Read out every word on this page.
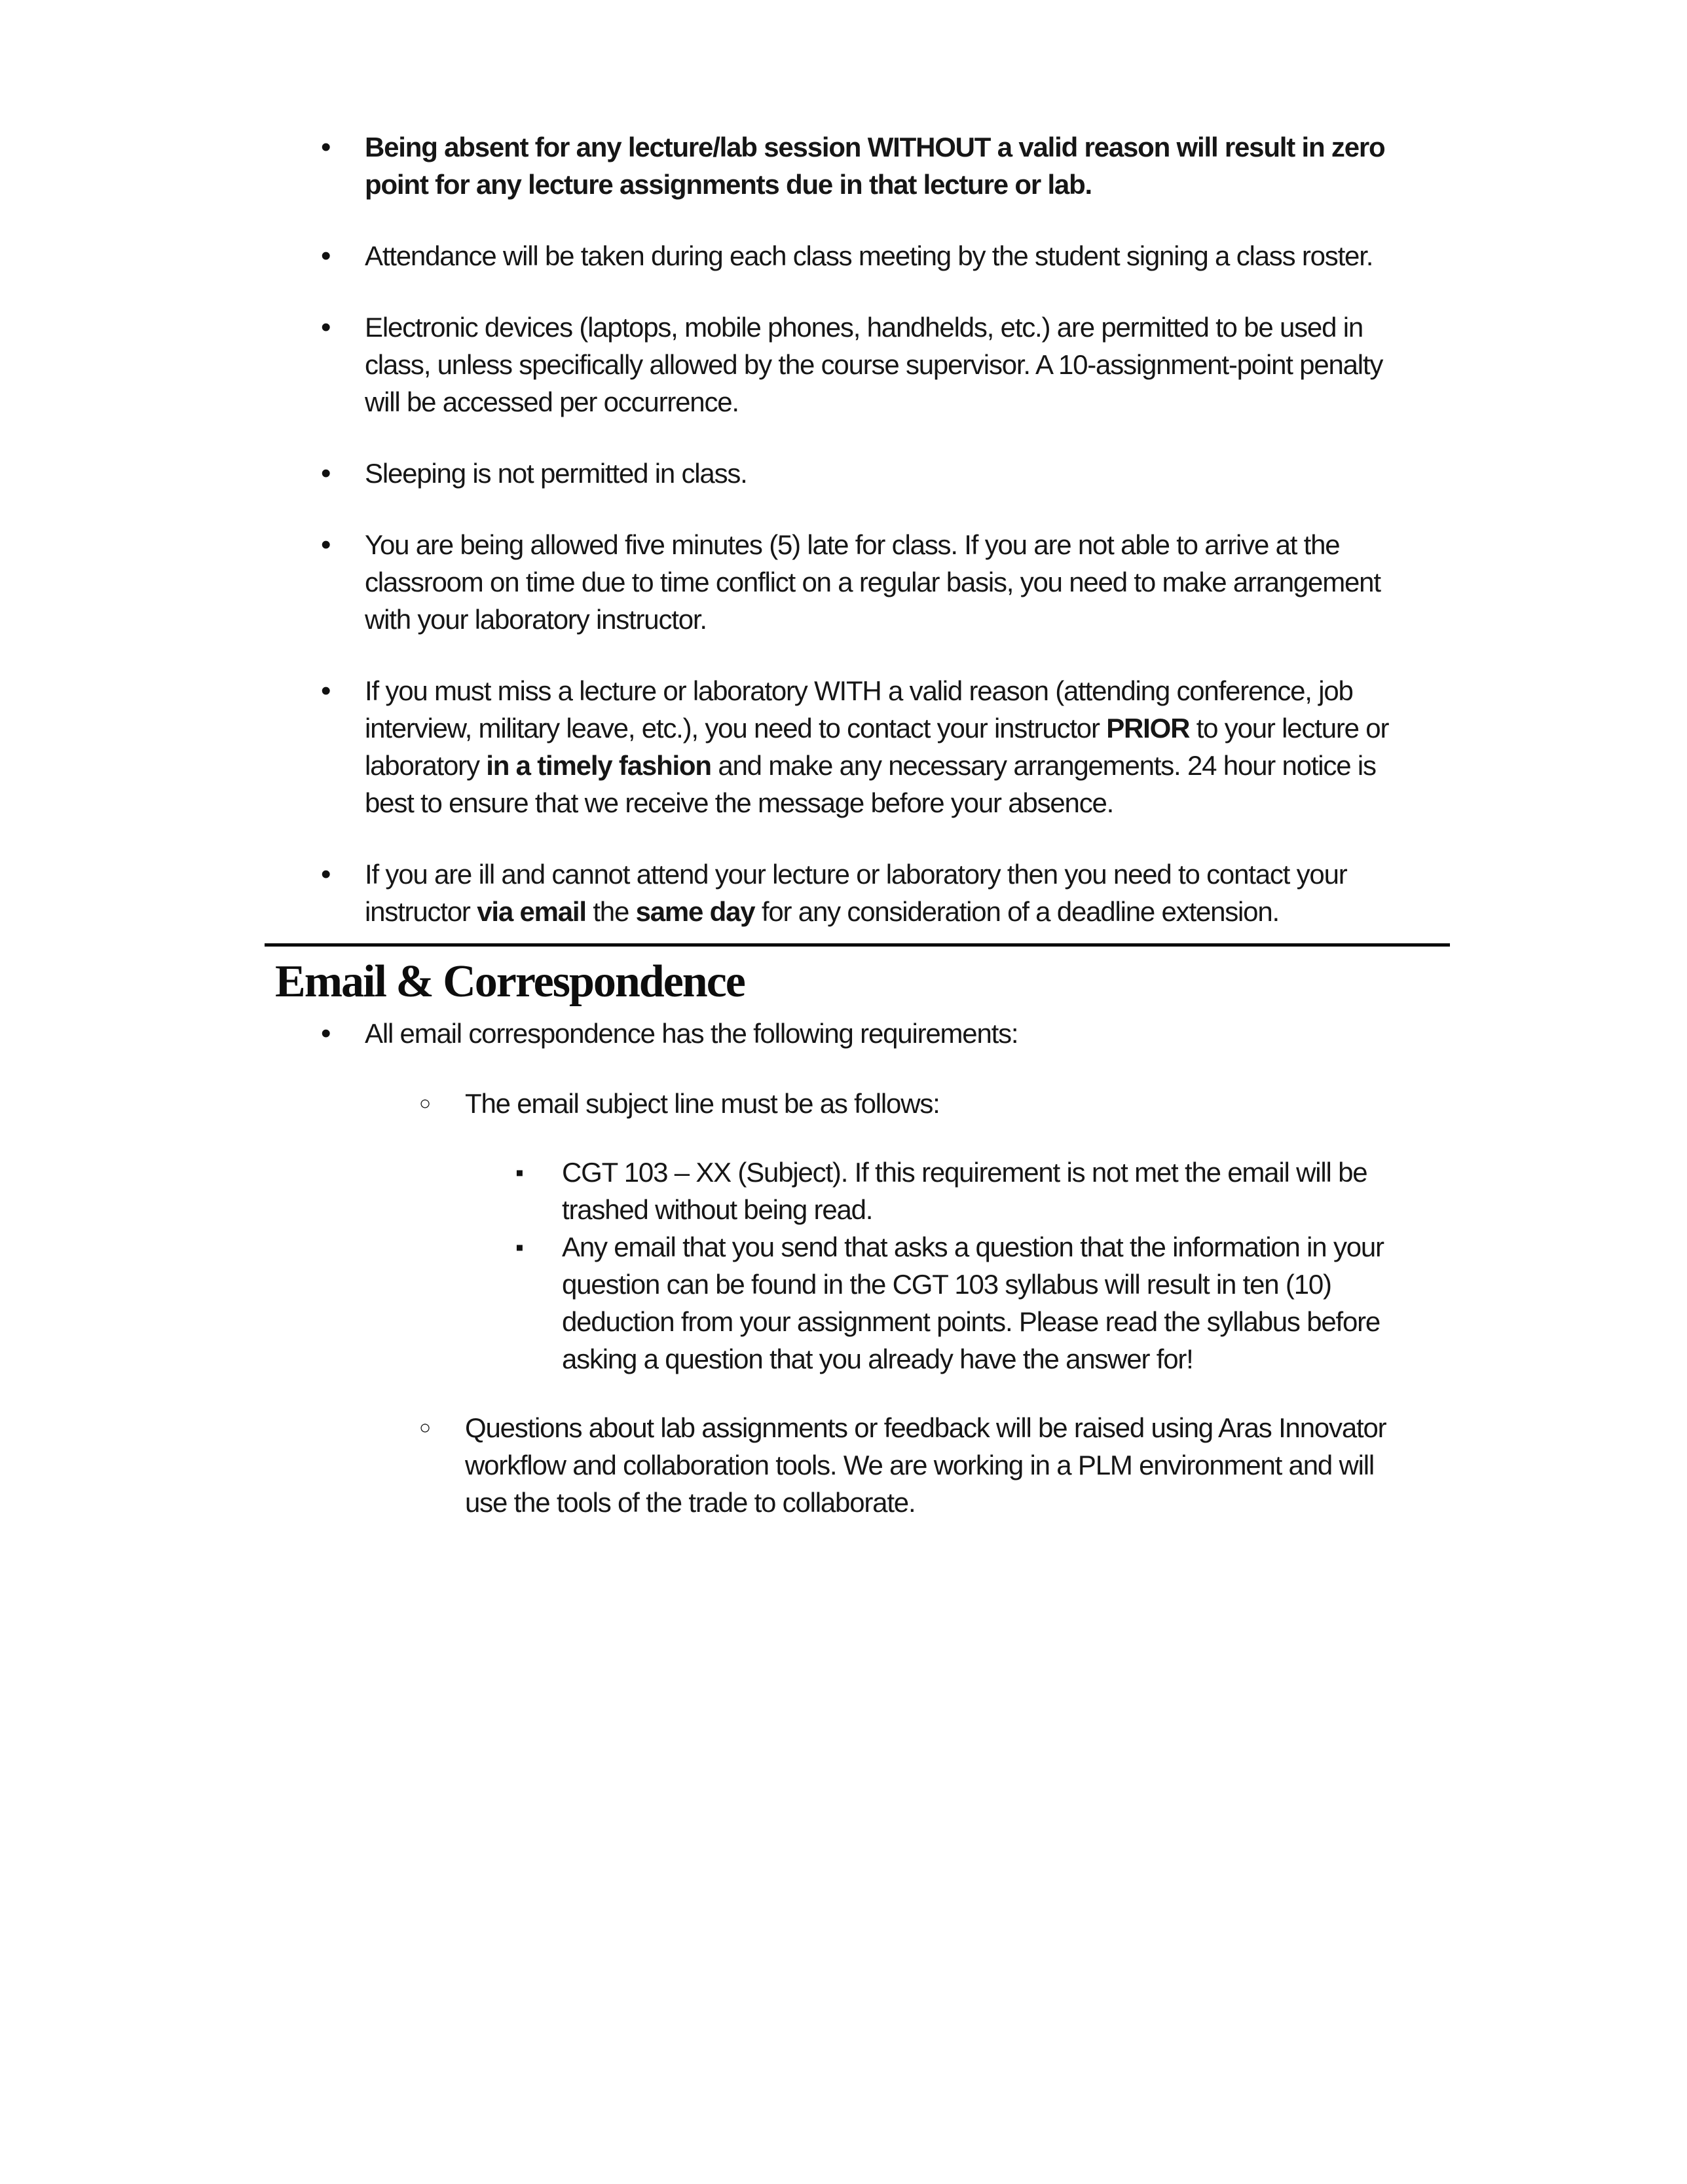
•	Being absent for any lecture/lab session WITHOUT a valid reason will result in zero point for any lecture assignments due in that lecture or lab.
•	Attendance will be taken during each class meeting by the student signing a class roster.
•	Electronic devices (laptops, mobile phones, handhelds, etc.) are permitted to be used in class, unless specifically allowed by the course supervisor. A 10-assignment-point penalty will be accessed per occurrence.
•	Sleeping is not permitted in class.
•	You are being allowed five minutes (5) late for class. If you are not able to arrive at the classroom on time due to time conflict on a regular basis, you need to make arrangement with your laboratory instructor.
•	If you must miss a lecture or laboratory WITH a valid reason (attending conference, job interview, military leave, etc.), you need to contact your instructor PRIOR to your lecture or laboratory in a timely fashion and make any necessary arrangements. 24 hour notice is best to ensure that we receive the message before your absence.
•	If you are ill and cannot attend your lecture or laboratory then you need to contact your instructor via email the same day for any consideration of a deadline extension.
Email & Correspondence
•	All email correspondence has the following requirements:
○	The email subject line must be as follows:
▪	CGT 103 – XX (Subject). If this requirement is not met the email will be trashed without being read.
▪	Any email that you send that asks a question that the information in your question can be found in the CGT 103 syllabus will result in ten (10) deduction from your assignment points. Please read the syllabus before asking a question that you already have the answer for!
○	Questions about lab assignments or feedback will be raised using Aras Innovator workflow and collaboration tools. We are working in a PLM environment and will use the tools of the trade to collaborate.
